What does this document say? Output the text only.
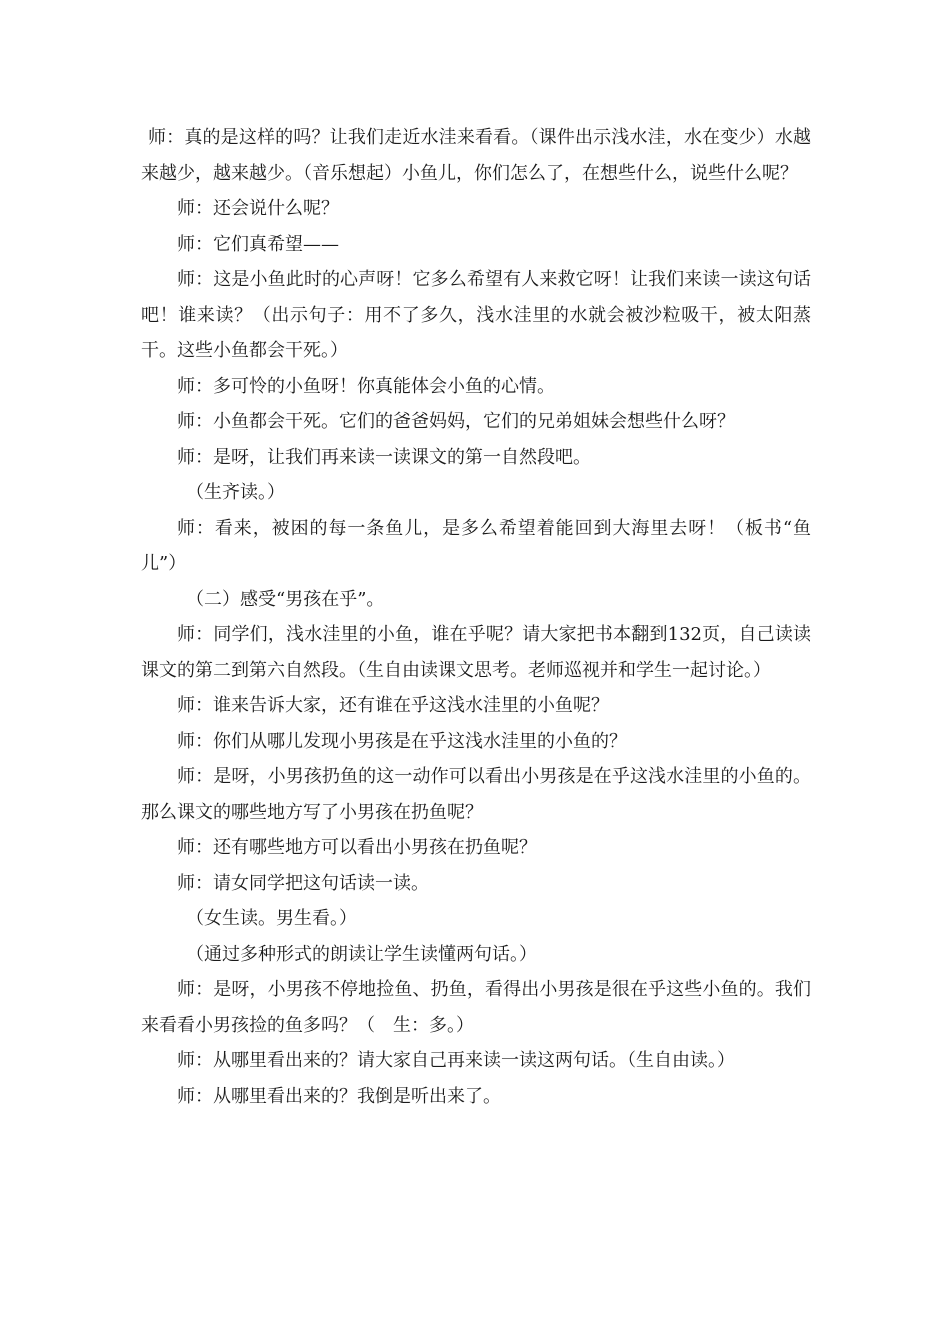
师：真的是这样的吗？让我们走近水洼来看看。（课件出示浅水洼，水在变少）水越来越少，越来越少。（音乐想起）小鱼儿，你们怎么了，在想些什么，说些什么呢？

师：还会说什么呢？

师：它们真希望——

师：这是小鱼此时的心声呀！它多么希望有人来救它呀！让我们来读一读这句话吧！谁来读？（出示句子：用不了多久，浅水洼里的水就会被沙粒吸干，被太阳蒸干。这些小鱼都会干死。）

师：多可怜的小鱼呀！你真能体会小鱼的心情。

师：小鱼都会干死。它们的爸爸妈妈，它们的兄弟姐妹会想些什么呀？

师：是呀，让我们再来读一读课文的第一自然段吧。

（生齐读。）

师：看来，被困的每一条鱼儿，是多么希望着能回到大海里去呀！（板书“鱼儿”）

（二）感受“男孩在乎”。

师：同学们，浅水洼里的小鱼，谁在乎呢？请大家把书本翻到132页，自己读读课文的第二到第六自然段。（生自由读课文思考。老师巡视并和学生一起讨论。）

师：谁来告诉大家，还有谁在乎这浅水洼里的小鱼呢？

师：你们从哪儿发现小男孩是在乎这浅水洼里的小鱼的？

师：是呀，小男孩扔鱼的这一动作可以看出小男孩是在乎这浅水洼里的小鱼的。那么课文的哪些地方写了小男孩在扔鱼呢？

师：还有哪些地方可以看出小男孩在扔鱼呢？

师：请女同学把这句话读一读。

（女生读。男生看。）

（通过多种形式的朗读让学生读懂两句话。）

师：是呀，小男孩不停地捡鱼、扔鱼，看得出小男孩是很在乎这些小鱼的。我们来看看小男孩捡的鱼多吗？（　生：多。）

师：从哪里看出来的？请大家自己再来读一读这两句话。（生自由读。）

师：从哪里看出来的？我倒是听出来了。
